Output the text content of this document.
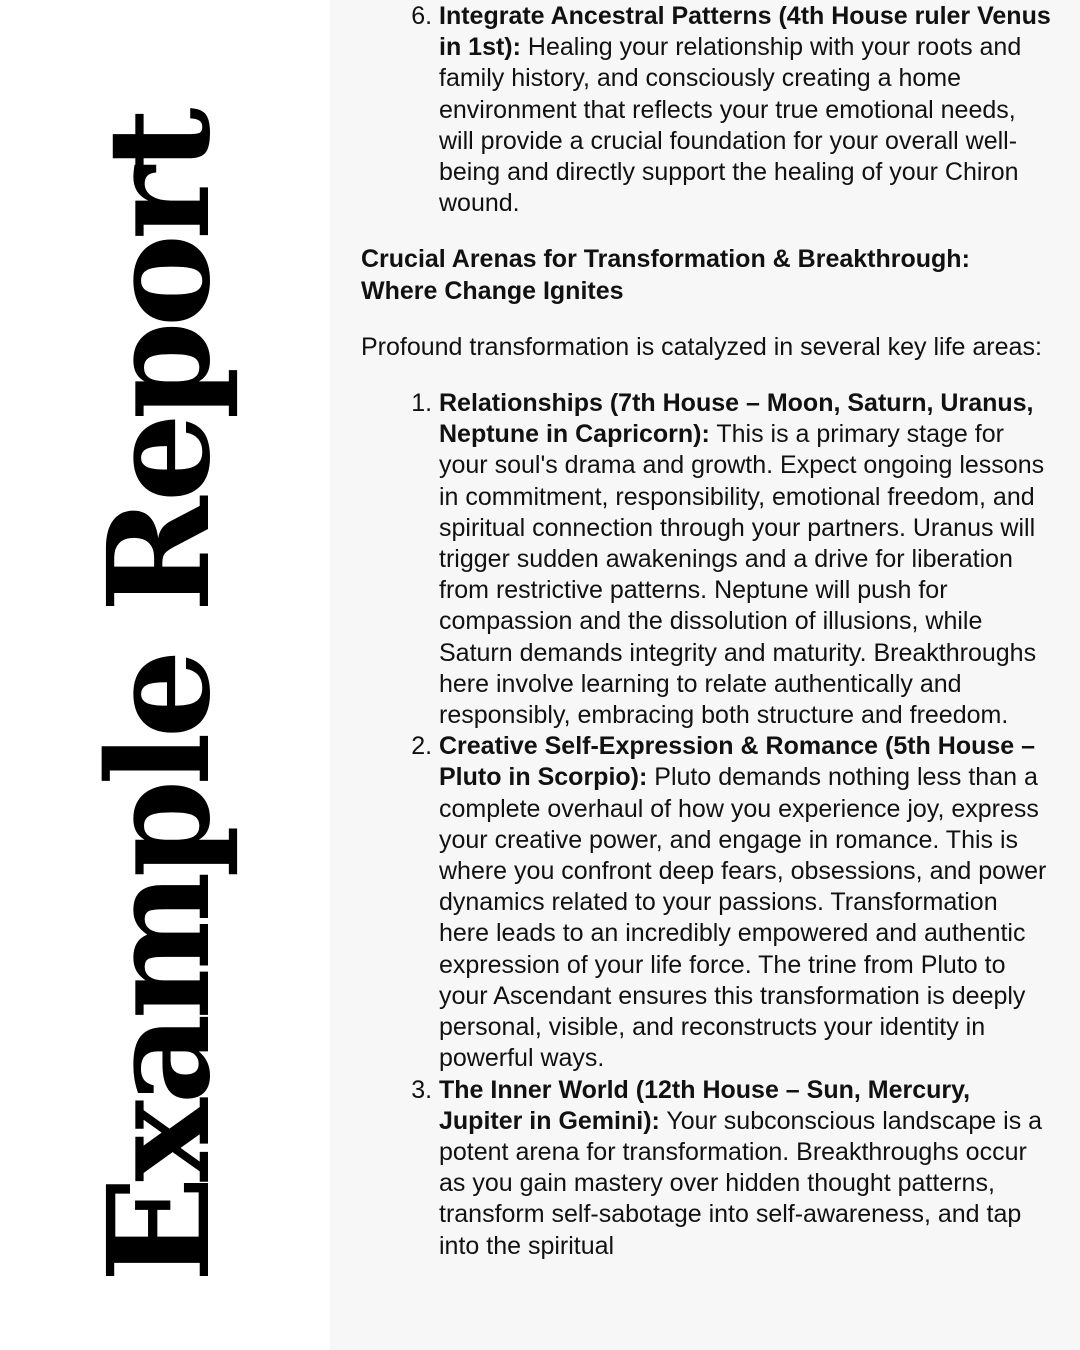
Example Report
6. Integrate Ancestral Patterns (4th House ruler Venus in 1st): Healing your relationship with your roots and family history, and consciously creating a home environment that reflects your true emotional needs, will provide a crucial foundation for your overall well-being and directly support the healing of your Chiron wound.
Crucial Arenas for Transformation & Breakthrough: Where Change Ignites
Profound transformation is catalyzed in several key life areas:
1. Relationships (7th House – Moon, Saturn, Uranus, Neptune in Capricorn): This is a primary stage for your soul's drama and growth. Expect ongoing lessons in commitment, responsibility, emotional freedom, and spiritual connection through your partners. Uranus will trigger sudden awakenings and a drive for liberation from restrictive patterns. Neptune will push for compassion and the dissolution of illusions, while Saturn demands integrity and maturity. Breakthroughs here involve learning to relate authentically and responsibly, embracing both structure and freedom.
2. Creative Self-Expression & Romance (5th House – Pluto in Scorpio): Pluto demands nothing less than a complete overhaul of how you experience joy, express your creative power, and engage in romance. This is where you confront deep fears, obsessions, and power dynamics related to your passions. Transformation here leads to an incredibly empowered and authentic expression of your life force. The trine from Pluto to your Ascendant ensures this transformation is deeply personal, visible, and reconstructs your identity in powerful ways.
3. The Inner World (12th House – Sun, Mercury, Jupiter in Gemini): Your subconscious landscape is a potent arena for transformation. Breakthroughs occur as you gain mastery over hidden thought patterns, transform self-sabotage into self-awareness, and tap into the spiritual
